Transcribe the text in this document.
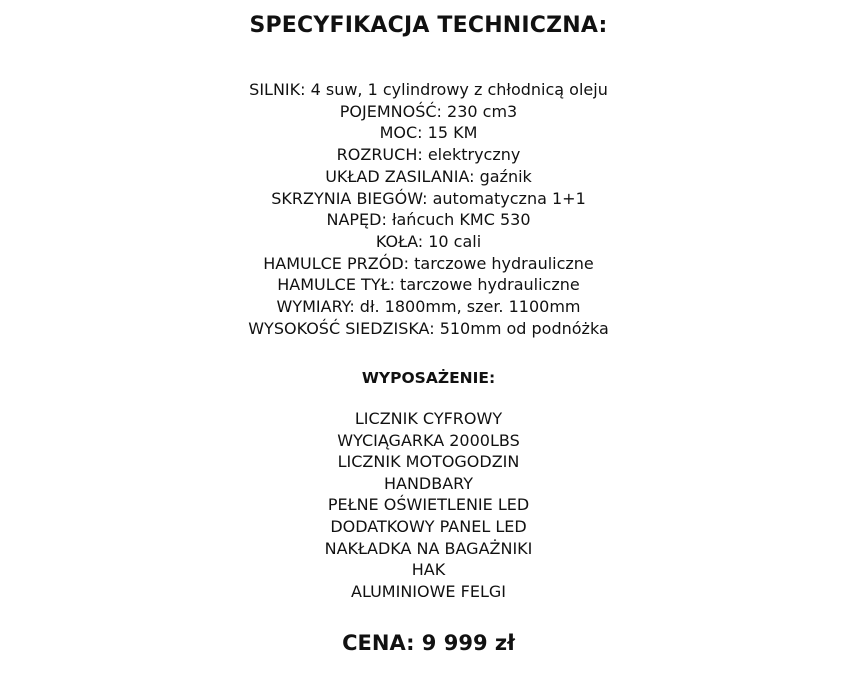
SPECYFIKACJA TECHNICZNA:
SILNIK: 4 suw, 1 cylindrowy z chłodnicą oleju
POJEMNOŚĆ: 230 cm3
MOC: 15 KM
ROZRUCH: elektryczny
UKŁAD ZASILANIA: gaźnik
SKRZYNIA BIEGÓW: automatyczna 1+1
NAPĘD: łańcuch KMC 530
KOŁA: 10 cali
HAMULCE PRZÓD: tarczowe hydrauliczne
HAMULCE TYŁ: tarczowe hydrauliczne
WYMIARY: dł. 1800mm, szer. 1100mm
WYSOKOŚĆ SIEDZISKA: 510mm od podnóżka
WYPOSAŻENIE:
LICZNIK CYFROWY
WYCIĄGARKA 2000LBS
LICZNIK MOTOGODZIN
HANDBARY
PEŁNE OŚWIETLENIE LED
DODATKOWY PANEL LED
NAKŁADKA NA BAGAŻNIKI
HAK
ALUMINIOWE FELGI
CENA: 9 999 zł
